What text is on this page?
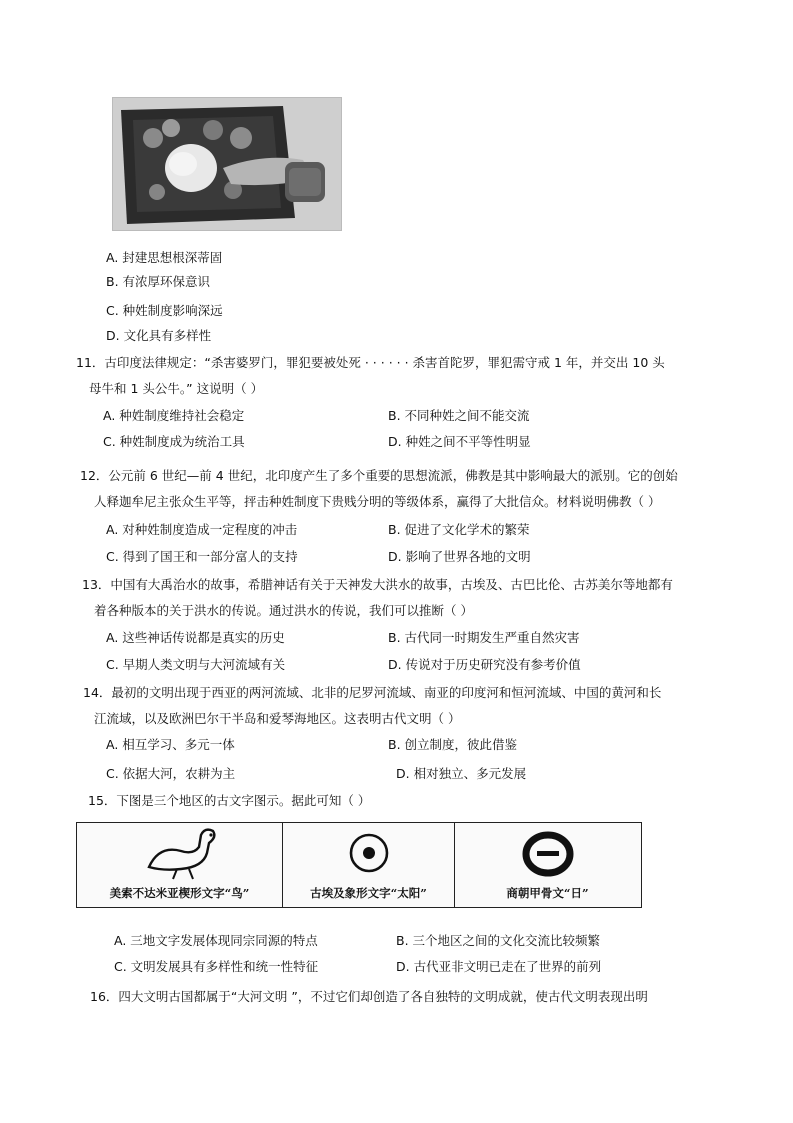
A. 封建思想根深蒂固
B. 有浓厚环保意识
C. 种姓制度影响深远
D. 文化具有多样性
11．古印度法律规定：“杀害婆罗门，罪犯要被处死 · · · · · · 杀害首陀罗，罪犯需守戒 1 年，并交出 10 头
母牛和 1 头公牛。” 这说明（ ）
A. 种姓制度维持社会稳定	B. 不同种姓之间不能交流
C. 种姓制度成为统治工具	D. 种姓之间不平等性明显
12．公元前 6 世纪—前 4 世纪，北印度产生了多个重要的思想流派，佛教是其中影响最大的派别。它的创始
人释迦牟尼主张众生平等，抨击种姓制度下贵贱分明的等级体系，赢得了大批信众。材料说明佛教（ ）
A. 对种姓制度造成一定程度的冲击	B. 促进了文化学术的繁荣
C. 得到了国王和一部分富人的支持	D. 影响了世界各地的文明
13．中国有大禹治水的故事，希腊神话有关于天神发大洪水的故事，古埃及、古巴比伦、古苏美尔等地都有
着各种版本的关于洪水的传说。通过洪水的传说，我们可以推断（ ）
A. 这些神话传说都是真实的历史	B. 古代同一时期发生严重自然灾害
C. 早期人类文明与大河流域有关	D. 传说对于历史研究没有参考价值
14．最初的文明出现于西亚的两河流域、北非的尼罗河流域、南亚的印度河和恒河流域、中国的黄河和长
江流域，以及欧洲巴尔干半岛和爱琴海地区。这表明古代文明（ ）
A. 相互学习、多元一体	B. 创立制度，彼此借鉴
C. 依据大河，农耕为主	D. 相对独立、多元发展
15．下图是三个地区的古文字图示。据此可知（ ）
美索不达米亚楔形文字“鸟”	古埃及象形文字“太阳”	商朝甲骨文“日”
A. 三地文字发展体现同宗同源的特点	B. 三个地区之间的文化交流比较频繁
C. 文明发展具有多样性和统一性特征	D. 古代亚非文明已走在了世界的前列
16．四大文明古国都属于“大河文明 ”，不过它们却创造了各自独特的文明成就，使古代文明表现出明
